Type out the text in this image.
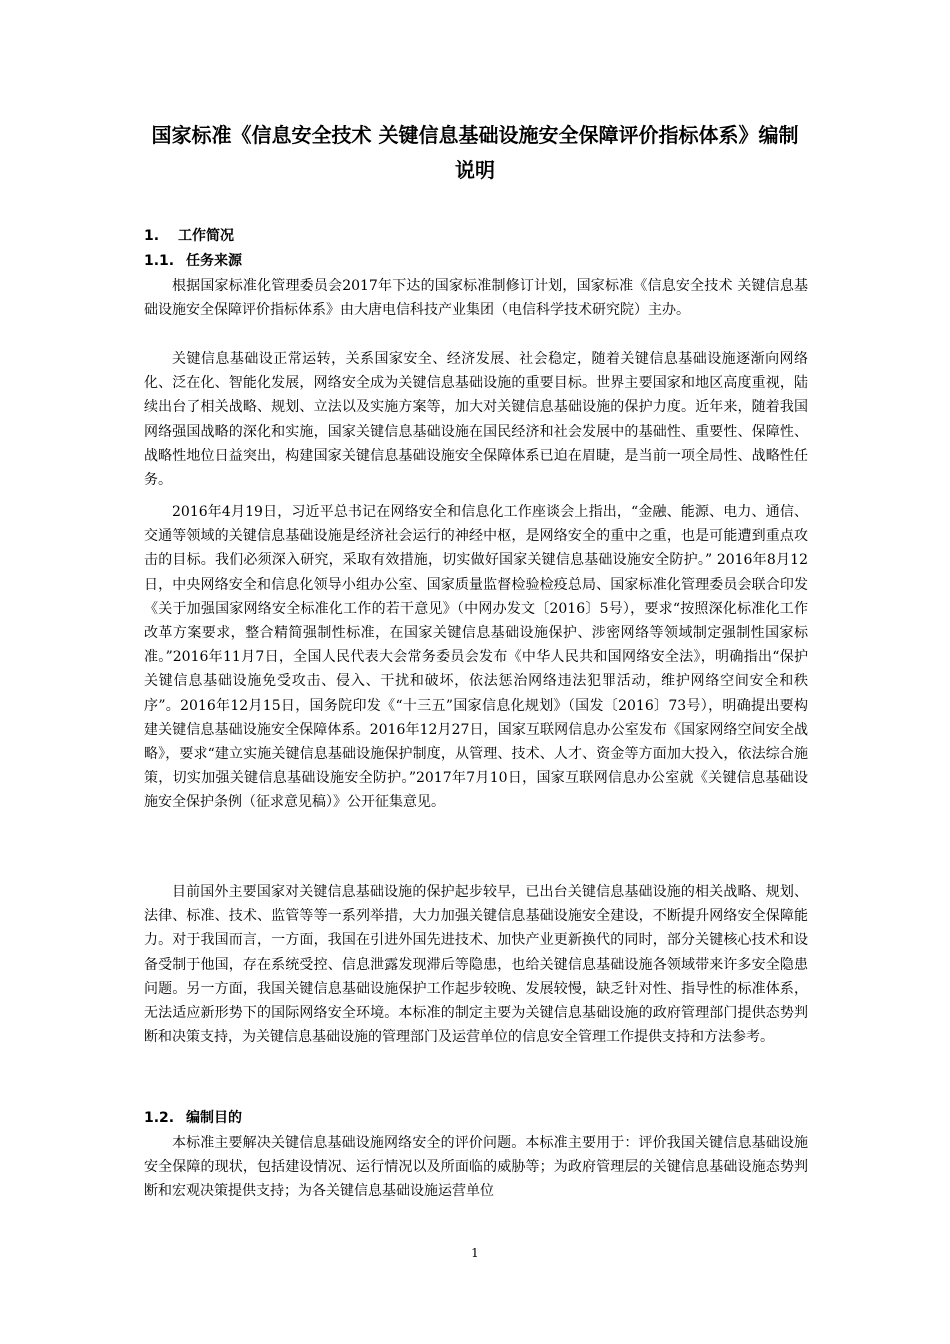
国家标准《信息安全技术 关键信息基础设施安全保障评价指标体系》编制说明
1. 工作简况
1.1. 任务来源

根据国家标准化管理委员会2017年下达的国家标准制修订计划，国家标准《信息安全技术 关键信息基础设施安全保障评价指标体系》由大唐电信科技产业集团（电信科学技术研究院）主办。

关键信息基础设正常运转，关系国家安全、经济发展、社会稳定，随着关键信息基础设施逐渐向网络化、泛在化、智能化发展，网络安全成为关键信息基础设施的重要目标。世界主要国家和地区高度重视，陆续出台了相关战略、规划、立法以及实施方案等，加大对关键信息基础设施的保护力度。近年来，随着我国网络强国战略的深化和实施，国家关键信息基础设施在国民经济和社会发展中的基础性、重要性、保障性、战略性地位日益突出，构建国家关键信息基础设施安全保障体系已迫在眉睫，是当前一项全局性、战略性任务。

2016年4月19日，习近平总书记在网络安全和信息化工作座谈会上指出，“金融、能源、电力、通信、交通等领域的关键信息基础设施是经济社会运行的神经中枢，是网络安全的重中之重，也是可能遭到重点攻击的目标。我们必须深入研究，采取有效措施，切实做好国家关键信息基础设施安全防护。” 2016年8月12日，中央网络安全和信息化领导小组办公室、国家质量监督检验检疫总局、国家标准化管理委员会联合印发《关于加强国家网络安全标准化工作的若干意见》（中网办发文〔2016〕5号），要求“按照深化标准化工作改革方案要求，整合精简强制性标准，在国家关键信息基础设施保护、涉密网络等领域制定强制性国家标准。”2016年11月7日，全国人民代表大会常务委员会发布《中华人民共和国网络安全法》，明确指出“保护关键信息基础设施免受攻击、侵入、干扰和破坏，依法惩治网络违法犯罪活动，维护网络空间安全和秩序”。2016年12月15日，国务院印发《“十三五”国家信息化规划》（国发〔2016〕73号），明确提出要构建关键信息基础设施安全保障体系。2016年12月27日，国家互联网信息办公室发布《国家网络空间安全战略》，要求“建立实施关键信息基础设施保护制度，从管理、技术、人才、资金等方面加大投入，依法综合施策，切实加强关键信息基础设施安全防护。”2017年7月10日，国家互联网信息办公室就《关键信息基础设施安全保护条例（征求意见稿）》公开征集意见。

目前国外主要国家对关键信息基础设施的保护起步较早，已出台关键信息基础设施的相关战略、规划、法律、标准、技术、监管等等一系列举措，大力加强关键信息基础设施安全建设，不断提升网络安全保障能力。对于我国而言，一方面，我国在引进外国先进技术、加快产业更新换代的同时，部分关键核心技术和设备受制于他国，存在系统受控、信息泄露发现滞后等隐患，也给关键信息基础设施各领域带来许多安全隐患问题。另一方面，我国关键信息基础设施保护工作起步较晚、发展较慢，缺乏针对性、指导性的标准体系，无法适应新形势下的国际网络安全环境。本标准的制定主要为关键信息基础设施的政府管理部门提供态势判断和决策支持，为关键信息基础设施的管理部门及运营单位的信息安全管理工作提供支持和方法参考。

1.2. 编制目的

本标准主要解决关键信息基础设施网络安全的评价问题。本标准主要用于：评价我国关键信息基础设施安全保障的现状，包括建设情况、运行情况以及所面临的威胁等；为政府管理层的关键信息基础设施态势判断和宏观决策提供支持；为各关键信息基础设施运营单位

1
